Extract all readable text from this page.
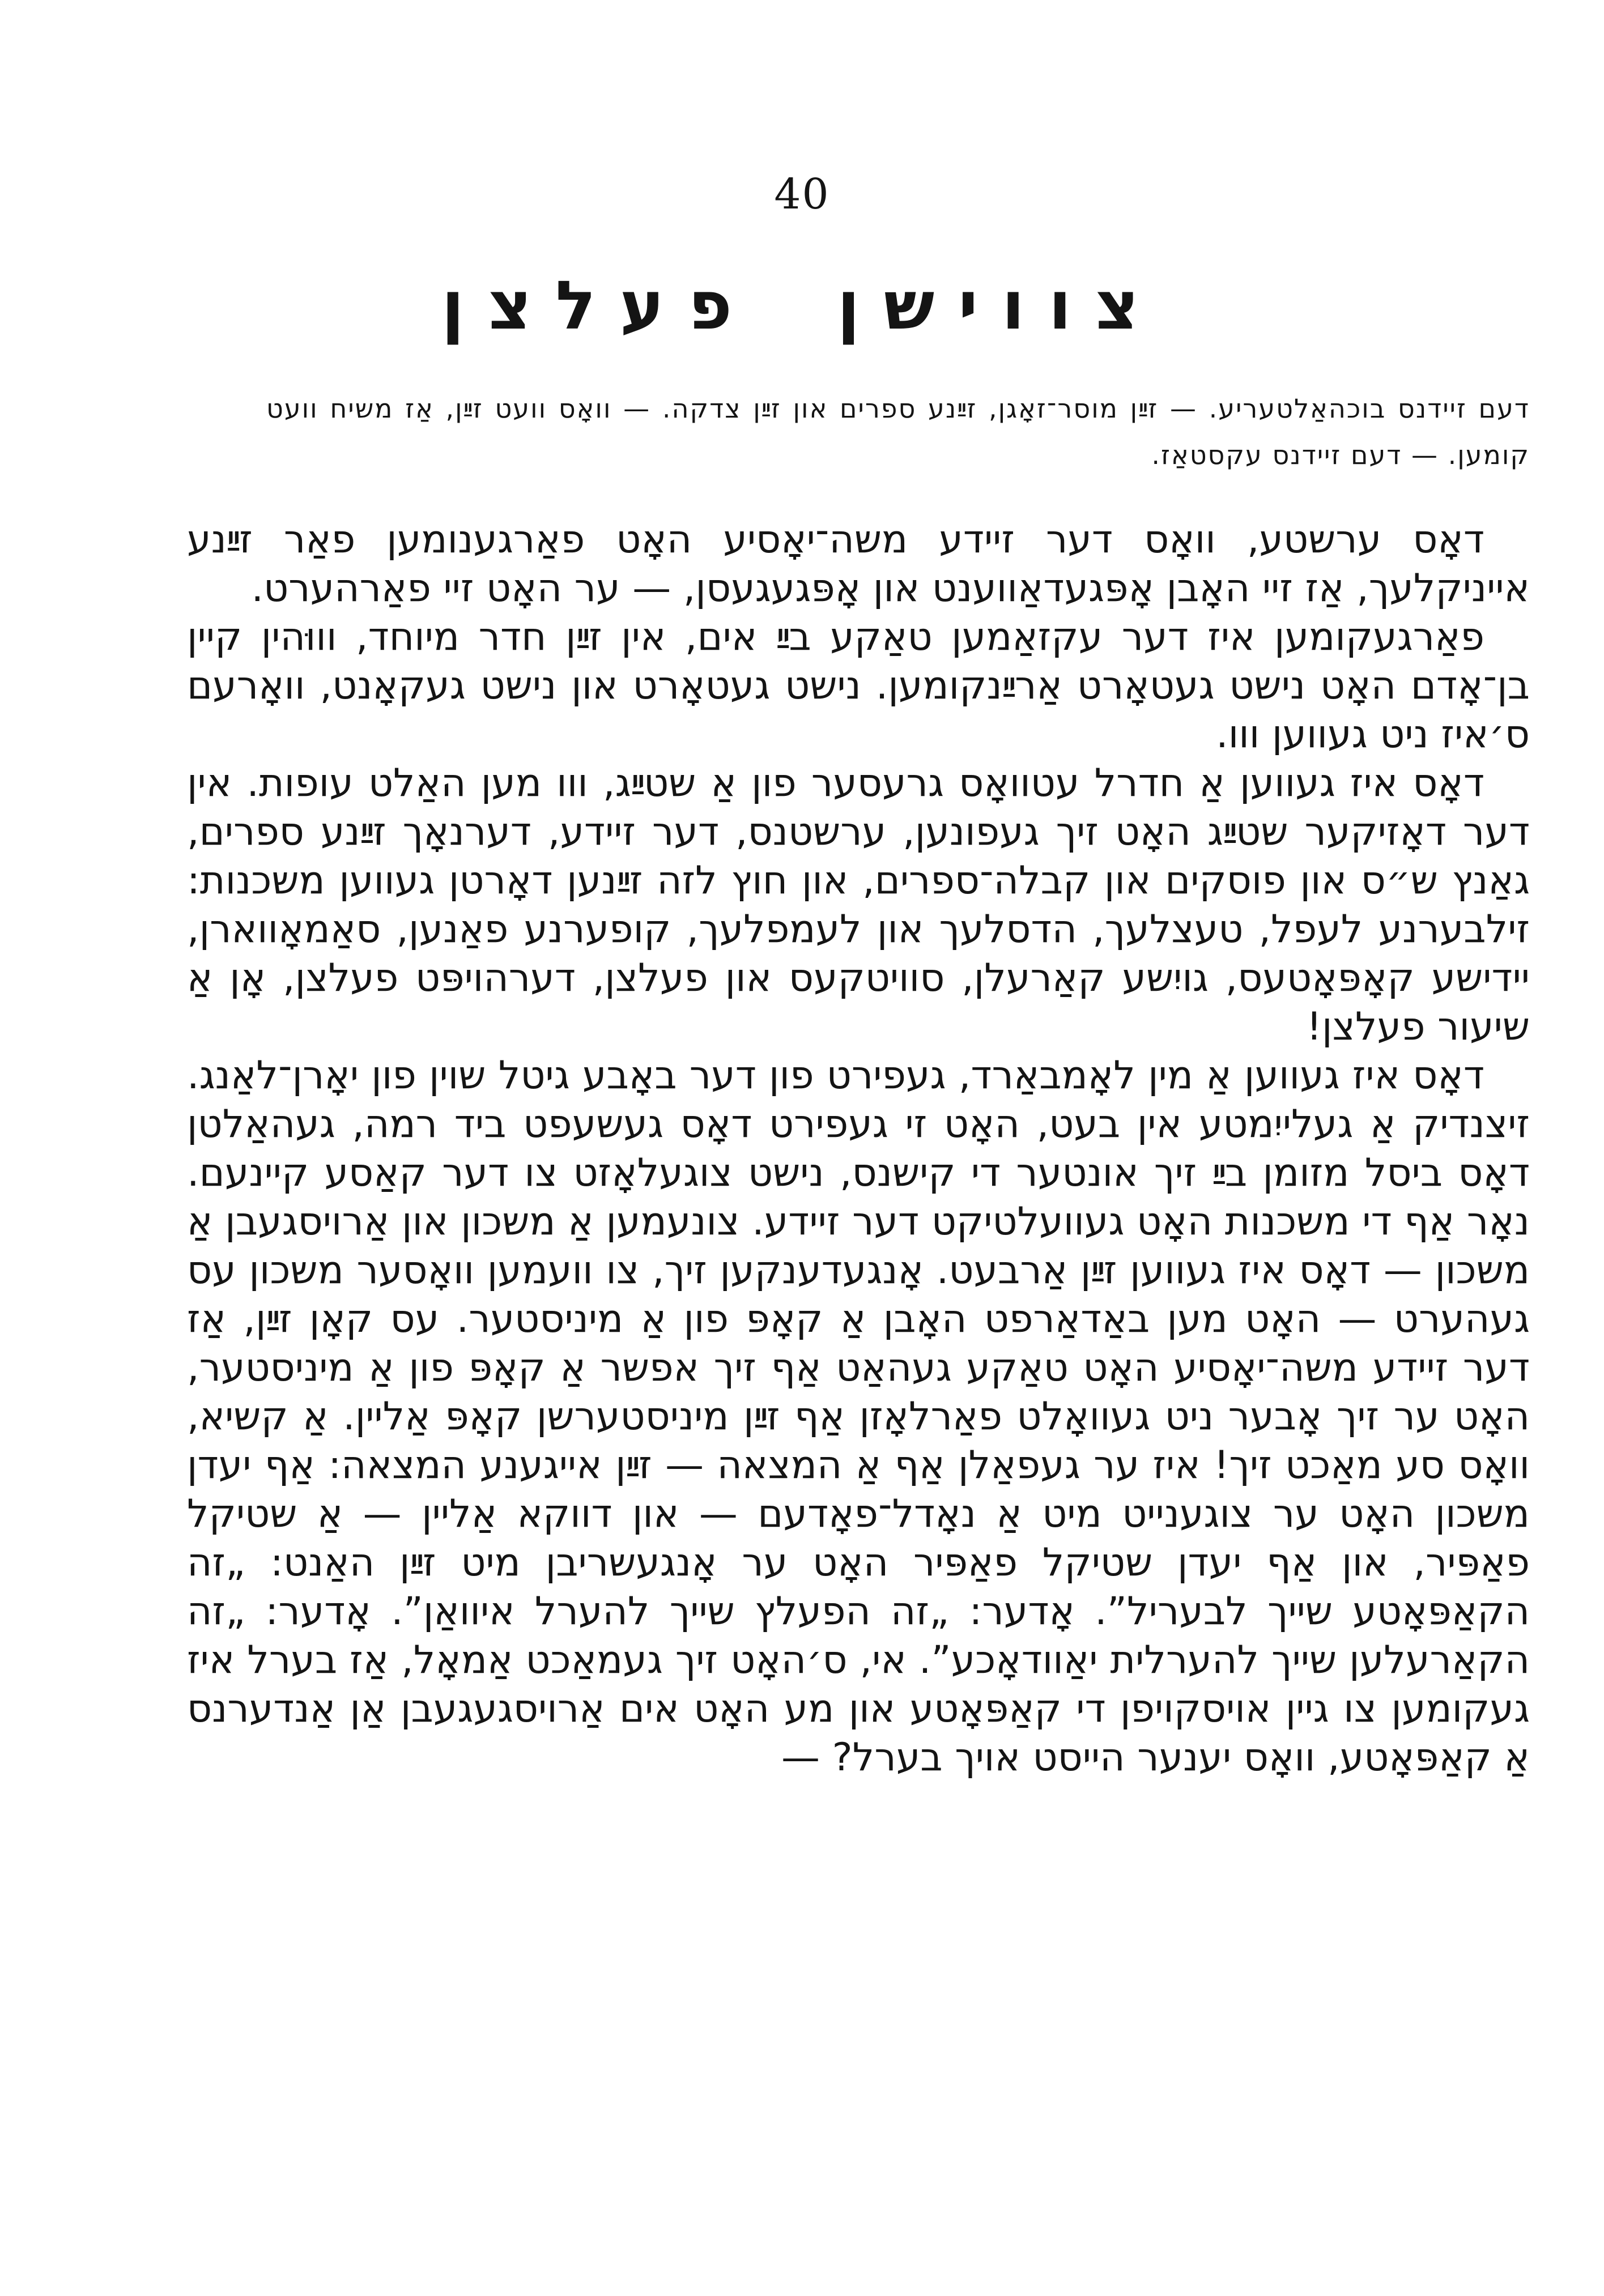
40
צווישן פעלצן
דעם זיידנס בוכהאַלטעריע. — זײַן מוסר־זאָגן, זײַנע ספרים און זײַן צדקה. — וואָס וועט זײַן, אַז משיח וועט קומען. — דעם זיידנס עקסטאַז.

דאָס ערשטע, וואָס דער זיידע משה־יאָסיע האָט פאַרגענומען פאַר זײַנע אייניקלעך, אַז זיי האָבן אָפּגעדאַווענט און אָפּגעגעסן, — ער האָט זיי פאַרהערט.

פאַרגעקומען איז דער עקזאַמען טאַקע בײַ אים, אין זײַן חדר מיוחד, וווּהין קיין בן־אָדם האָט נישט געטאָרט אַרײַנקומען. נישט געטאָרט און נישט געקאָנט, וואָרעם ס׳איז ניט געווען ווו.

דאָס איז געווען אַ חדרל עטוואָס גרעסער פון אַ שטײַג, ווו מען האַלט עופות. אין דער דאָזיקער שטײַג האָט זיך געפונען, ערשטנס, דער זיידע, דערנאָך זײַנע ספרים, גאַנץ ש״ס און פוסקים און קבלה־ספרים, און חוץ לזה זײַנען דאָרטן געווען משכנות: זילבערנע לעפל, טעצלעך, הדסלעך און לעמפלעך, קופערנע פאַנען, סאַמאָווארן, יידישע קאָפּאָטעס, גויִשע קאַרעלן, סוויטקעס און פעלצן, דערהויפּט פעלצן, אָן אַ שיעור פעלצן!

דאָס איז געווען אַ מין לאָמבאַרד, געפירט פון דער באָבע גיטל שוין פון יאָרן־לאַנג. זיצנדיק אַ געלייִמטע אין בעט, האָט זי געפירט דאָס געשעפט ביד רמה, געהאַלטן דאָס ביסל מזומן בײַ זיך אונטער די קישנס, נישט צוגעלאָזט צו דער קאַסע קיינעם. נאָר אַף די משכנות האָט געוועלטיקט דער זיידע. צונעמען אַ משכון און אַרויסגעבן אַ משכון — דאָס איז געווען זײַן אַרבעט. אָנגעדענקען זיך, צו וועמען וואָסער משכון עס געהערט — האָט מען באַדאַרפט האָבן אַ קאָפּ פון אַ מיניסטער. עס קאָן זײַן, אַז דער זיידע משה־יאָסיע האָט טאַקע געהאַט אַף זיך אפשר אַ קאָפּ פון אַ מיניסטער, האָט ער זיך אָבער ניט געוואָלט פאַרלאָזן אַף זײַן מיניסטערשן קאָפּ אַליין. אַ קשיא, וואָס סע מאַכט זיך! איז ער געפאַלן אַף אַ המצאה — זײַן אייגענע המצאה: אַף יעדן משכון האָט ער צוגענייט מיט אַ נאָדל־פאָדעם — און דווקא אַליין — אַ שטיקל פאַפּיר, און אַף יעדן שטיקל פאַפּיר האָט ער אָנגעשריבן מיט זײַן האַנט: „זה הקאַפּאָטע שייך לבעריל”. אָדער: „זה הפעלץ שייך להערל איוואַן”. אָדער: „זה הקאַרעלען שייך להערלית יאַוודאָכע”. אי, ס׳האָט זיך געמאַכט אַמאָל, אַז בערל איז געקומען צו גיין אויסקויפן די קאַפּאָטע און מע האָט אים אַרויסגעגעבן אַן אַנדערנס אַ קאַפּאָטע, וואָס יענער הייסט אויך בערל? —
